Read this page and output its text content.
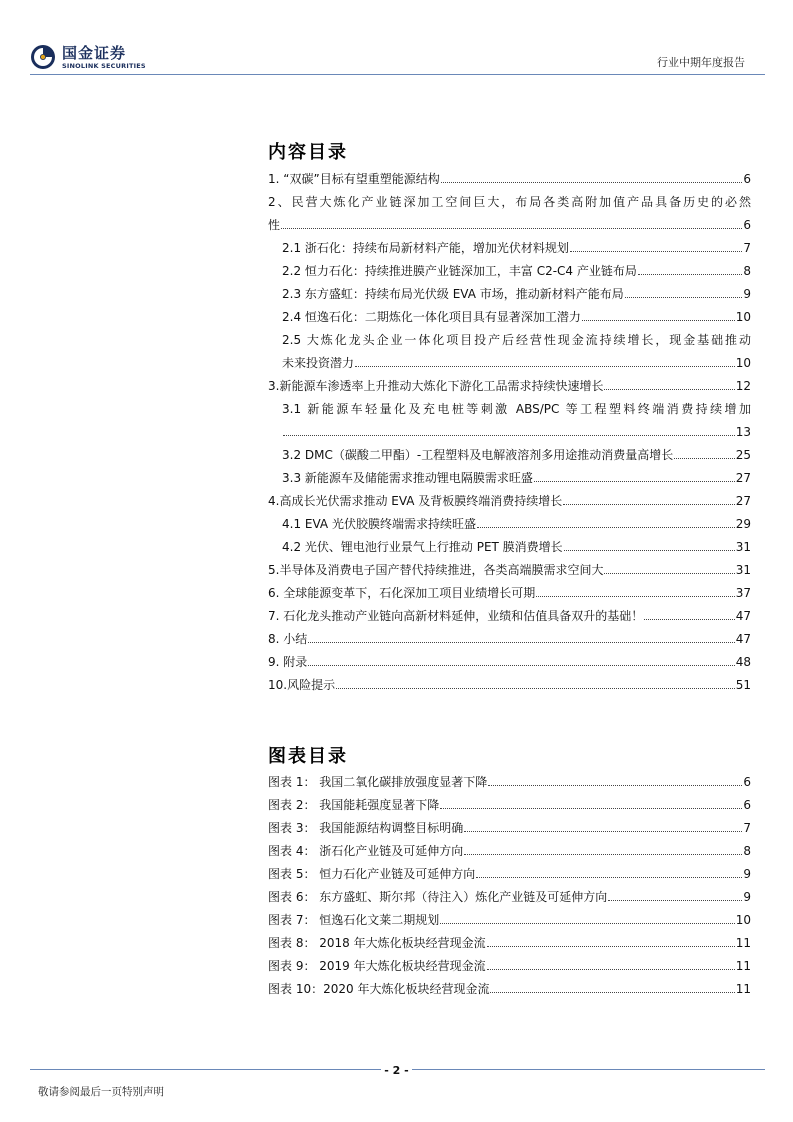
国金证券
SINOLINK SECURITIES	行业中期年度报告
内容目录
1. “双碳”目标有望重塑能源结构	6
2、民营大炼化产业链深加工空间巨大，布局各类高附加值产品具备历史的必然
性	6
2.1 浙石化：持续布局新材料产能，增加光伏材料规划	7
2.2 恒力石化：持续推进膜产业链深加工，丰富 C2-C4 产业链布局	8
2.3 东方盛虹：持续布局光伏级 EVA 市场，推动新材料产能布局	9
2.4 恒逸石化：二期炼化一体化项目具有显著深加工潜力	10
2.5 大炼化龙头企业一体化项目投产后经营性现金流持续增长，现金基础推动
未来投资潜力	10
3.新能源车渗透率上升推动大炼化下游化工品需求持续快速增长	12
3.1 新能源车轻量化及充电桩等刺激 ABS/PC 等工程塑料终端消费持续增加
13
3.2 DMC（碳酸二甲酯）-工程塑料及电解液溶剂多用途推动消费量高增长	25
3.3 新能源车及储能需求推动锂电隔膜需求旺盛	27
4.高成长光伏需求推动 EVA 及背板膜终端消费持续增长	27
4.1 EVA 光伏胶膜终端需求持续旺盛	29
4.2 光伏、锂电池行业景气上行推动 PET 膜消费增长	31
5.半导体及消费电子国产替代持续推进，各类高端膜需求空间大	31
6. 全球能源变革下，石化深加工项目业绩增长可期	37
7. 石化龙头推动产业链向高新材料延伸，业绩和估值具备双升的基础！	47
8. 小结	47
9. 附录	48
10.风险提示	51
图表目录
图表 1： 我国二氧化碳排放强度显著下降	6
图表 2： 我国能耗强度显著下降	6
图表 3： 我国能源结构调整目标明确	7
图表 4： 浙石化产业链及可延伸方向	8
图表 5： 恒力石化产业链及可延伸方向	9
图表 6： 东方盛虹、斯尔邦（待注入）炼化产业链及可延伸方向	9
图表 7： 恒逸石化文莱二期规划	10
图表 8： 2018 年大炼化板块经营现金流	11
图表 9： 2019 年大炼化板块经营现金流	11
图表 10：2020 年大炼化板块经营现金流	11
- 2 -
敬请参阅最后一页特别声明
